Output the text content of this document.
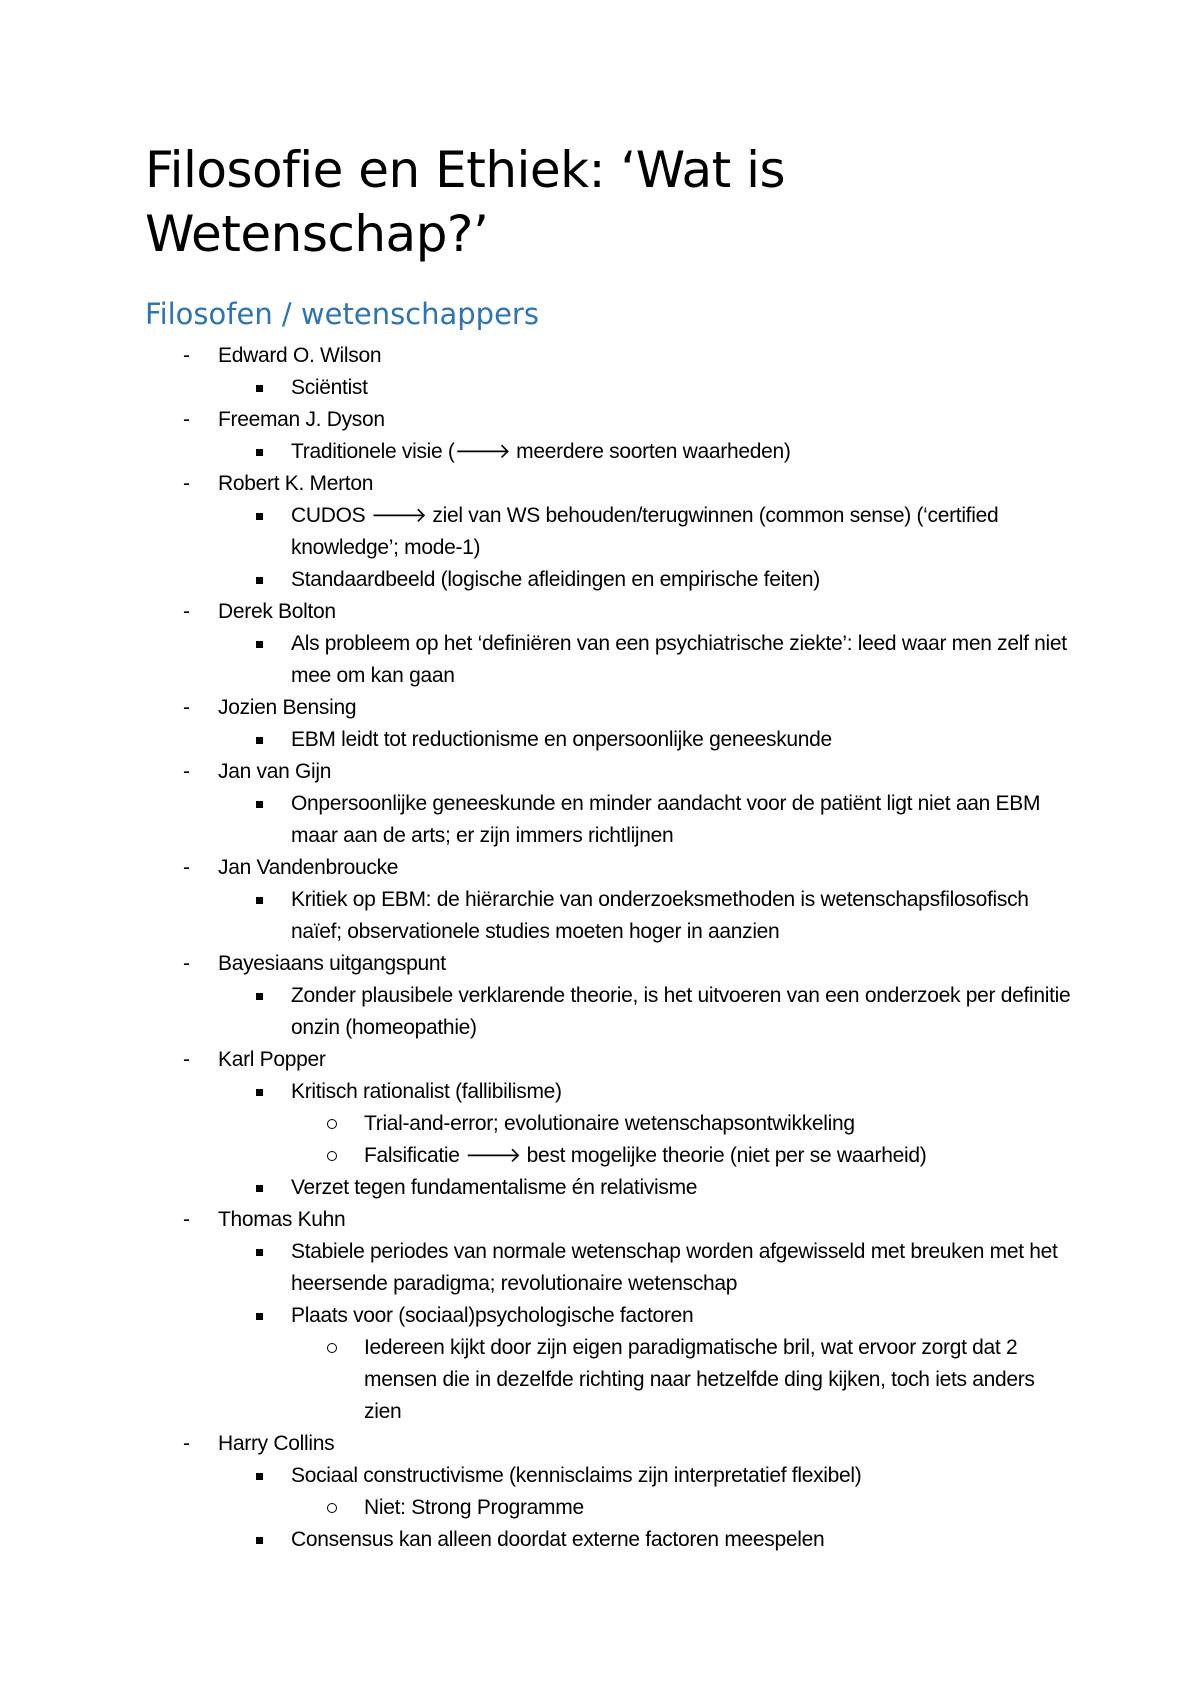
Filosofie en Ethiek: ‘Wat is Wetenschap?’
Filosofen / wetenschappers
- Edward O. Wilson
Sciëntist
- Freeman J. Dyson
Traditionele visie (🡒 meerdere soorten waarheden)
- Robert K. Merton
CUDOS 🡒 ziel van WS behouden/terugwinnen (common sense) (‘certified knowledge’; mode-1)
Standaardbeeld (logische afleidingen en empirische feiten)
- Derek Bolton
Als probleem op het ‘definiëren van een psychiatrische ziekte’: leed waar men zelf niet mee om kan gaan
- Jozien Bensing
EBM leidt tot reductionisme en onpersoonlijke geneeskunde
- Jan van Gijn
Onpersoonlijke geneeskunde en minder aandacht voor de patiënt ligt niet aan EBM maar aan de arts; er zijn immers richtlijnen
- Jan Vandenbroucke
Kritiek op EBM: de hiërarchie van onderzoeksmethoden is wetenschapsfilosofisch naïef; observationele studies moeten hoger in aanzien
- Bayesiaans uitgangspunt
Zonder plausibele verklarende theorie, is het uitvoeren van een onderzoek per definitie onzin (homeopathie)
- Karl Popper
Kritisch rationalist (fallibilisme)
Trial-and-error; evolutionaire wetenschapsontwikkeling
Falsificatie 🡒 best mogelijke theorie (niet per se waarheid)
Verzet tegen fundamentalisme én relativisme
- Thomas Kuhn
Stabiele periodes van normale wetenschap worden afgewisseld met breuken met het heersende paradigma; revolutionaire wetenschap
Plaats voor (sociaal)psychologische factoren
Iedereen kijkt door zijn eigen paradigmatische bril, wat ervoor zorgt dat 2 mensen die in dezelfde richting naar hetzelfde ding kijken, toch iets anders zien
- Harry Collins
Sociaal constructivisme (kennisclaims zijn interpretatief flexibel)
Niet: Strong Programme
Consensus kan alleen doordat externe factoren meespelen
